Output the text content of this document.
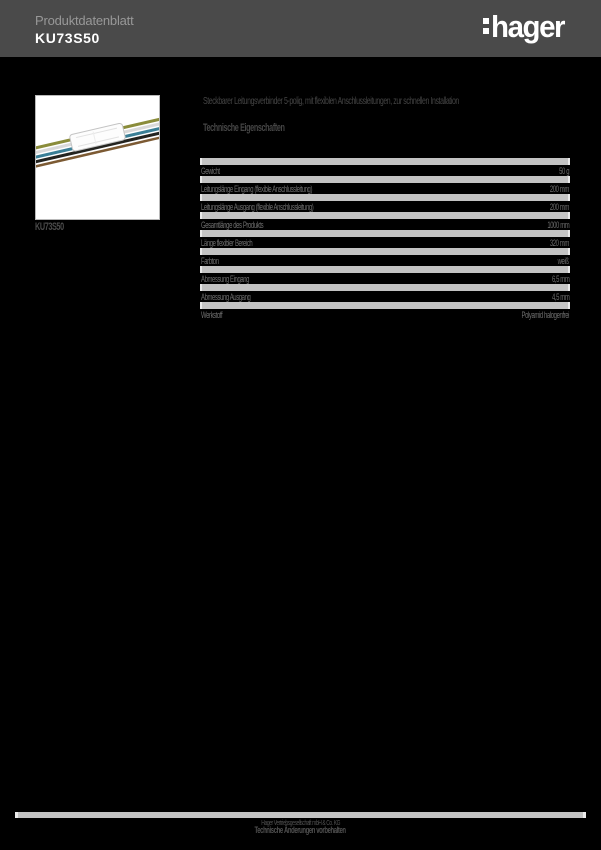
Produktdatenblatt
KU73S50	hager
KU73S50
Steckbarer Leitungsverbinder 5-polig, mit flexiblen Anschlussleitungen, zur schnellen Installation
Technische Eigenschaften
Gewicht	50 g
Leitungslänge Eingang (flexible Anschlussleitung)	200 mm
Leitungslänge Ausgang (flexible Anschlussleitung)	200 mm
Gesamtlänge des Produkts	1000 mm
Länge flexibler Bereich	320 mm
Farbton	weiß
Abmessung Eingang	6,5 mm
Abmessung Ausgang	4,5 mm
Werkstoff	Polyamid halogenfrei
Hager Vertriebsgesellschaft mbH & Co. KG
Technische Änderungen vorbehalten
